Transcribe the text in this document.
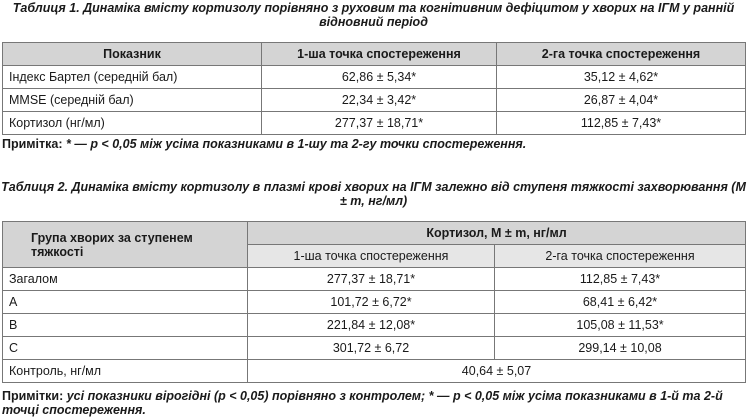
Таблиця 1. Динаміка вмісту кортизолу порівняно з руховим та когнітивним дефіцитом у хворих на ІГМ у ранній відновний період
Показник	1-ша точка спостереження	2-га точка спостереження
Індекс Бартел (середній бал)	62,86 ± 5,34*	35,12 ± 4,62*
MMSE (середній бал)	22,34 ± 3,42*	26,87 ± 4,04*
Кортизол (нг/мл)	277,37 ± 18,71*	112,85 ± 7,43*
Примітка: * — p < 0,05 між усіма показниками в 1-шу та 2-гу точки спостереження.
Таблиця 2. Динаміка вмісту кортизолу в плазмі крові хворих на ІГМ залежно від ступеня тяжкості захворювання (M ± m, нг/мл)
Група хворих за ступенем тяжкості	Кортизол, M ± m, нг/мл	
	1-ша точка спостереження	2-га точка спостереження
Загалом	277,37 ± 18,71*	112,85 ± 7,43*
А	101,72 ± 6,72*	68,41 ± 6,42*
В	221,84 ± 12,08*	105,08 ± 11,53*
С	301,72 ± 6,72	299,14 ± 10,08
Контроль, нг/мл	40,64 ± 5,07	
Примітки: усі показники вірогідні (p < 0,05) порівняно з контролем; * — p < 0,05 між усіма показниками в 1-й та 2-й точці спостереження.
